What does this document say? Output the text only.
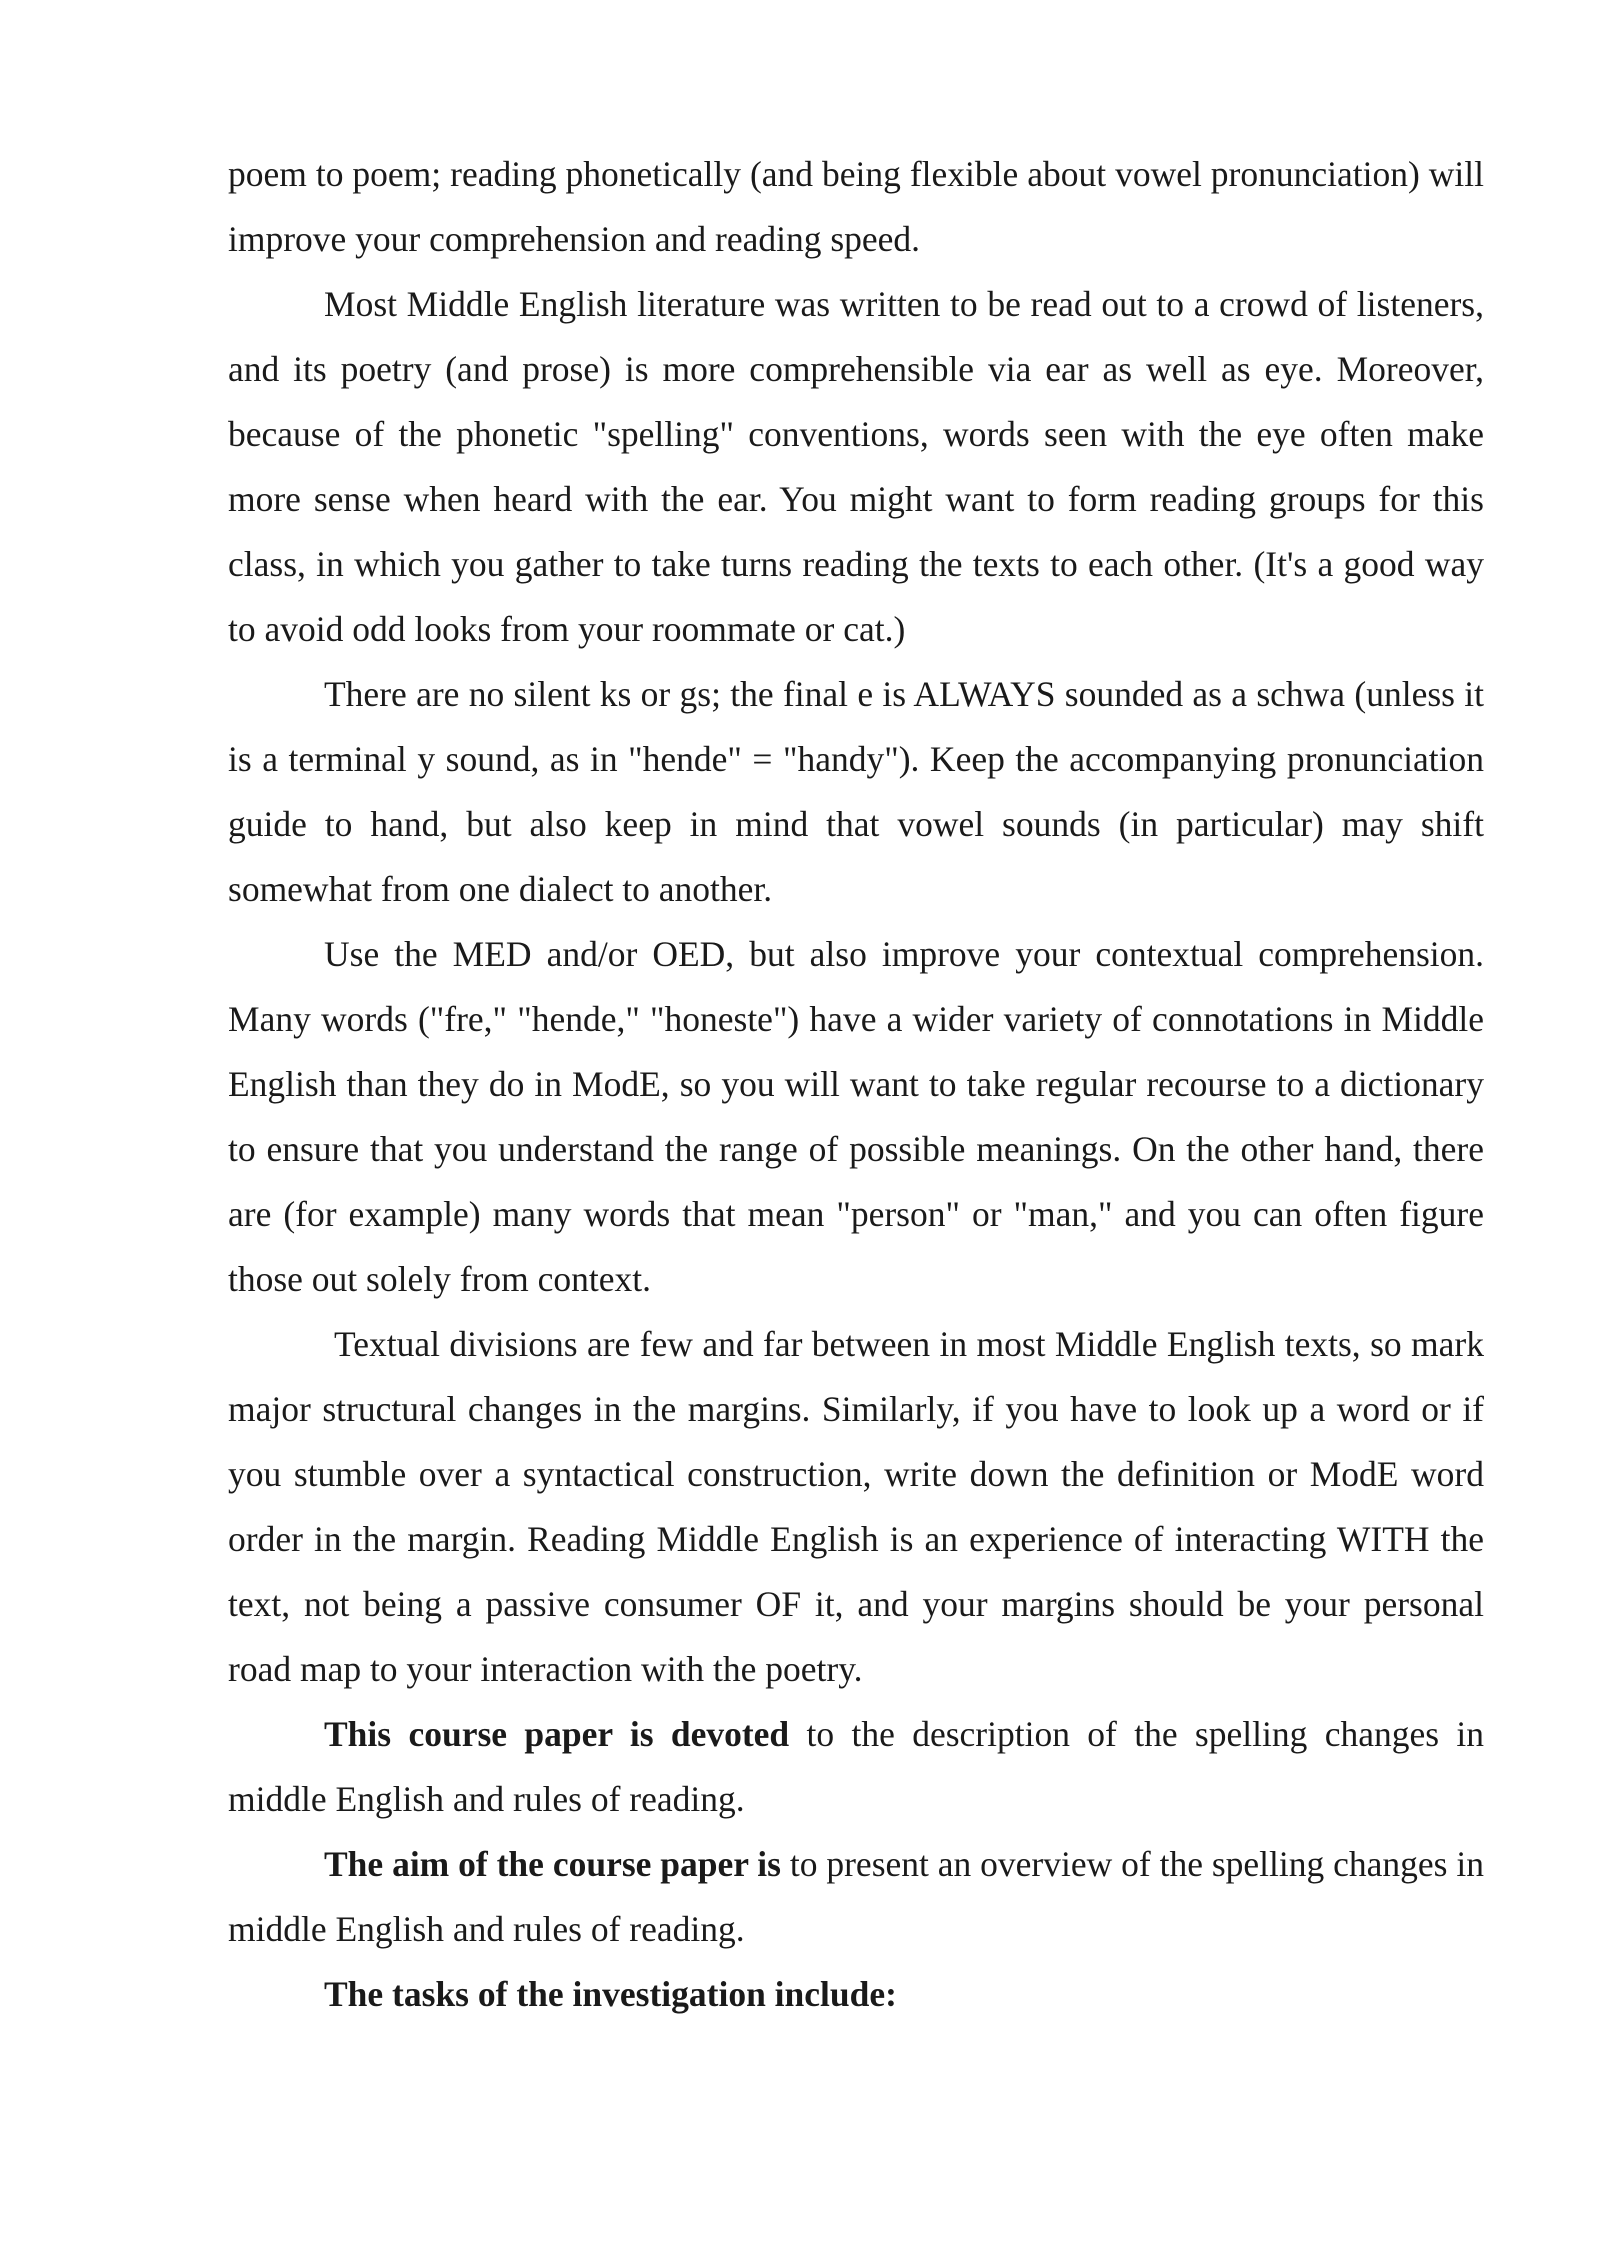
poem to poem; reading phonetically (and being flexible about vowel pronunciation) will improve your comprehension and reading speed.

Most Middle English literature was written to be read out to a crowd of listeners, and its poetry (and prose) is more comprehensible via ear as well as eye. Moreover, because of the phonetic "spelling" conventions, words seen with the eye often make more sense when heard with the ear. You might want to form reading groups for this class, in which you gather to take turns reading the texts to each other. (It's a good way to avoid odd looks from your roommate or cat.)

There are no silent ks or gs; the final e is ALWAYS sounded as a schwa (unless it is a terminal y sound, as in "hende" = "handy"). Keep the accompanying pronunciation guide to hand, but also keep in mind that vowel sounds (in particular) may shift somewhat from one dialect to another.

Use the MED and/or OED, but also improve your contextual comprehension. Many words ("fre," "hende," "honeste") have a wider variety of connotations in Middle English than they do in ModE, so you will want to take regular recourse to a dictionary to ensure that you understand the range of possible meanings. On the other hand, there are (for example) many words that mean "person" or "man," and you can often figure those out solely from context.

Textual divisions are few and far between in most Middle English texts, so mark major structural changes in the margins. Similarly, if you have to look up a word or if you stumble over a syntactical construction, write down the definition or ModE word order in the margin. Reading Middle English is an experience of interacting WITH the text, not being a passive consumer OF it, and your margins should be your personal road map to your interaction with the poetry.

This course paper is devoted to the description of the spelling changes in middle English and rules of reading.

The aim of the course paper is to present an overview of the spelling changes in middle English and rules of reading.

The tasks of the investigation include:
